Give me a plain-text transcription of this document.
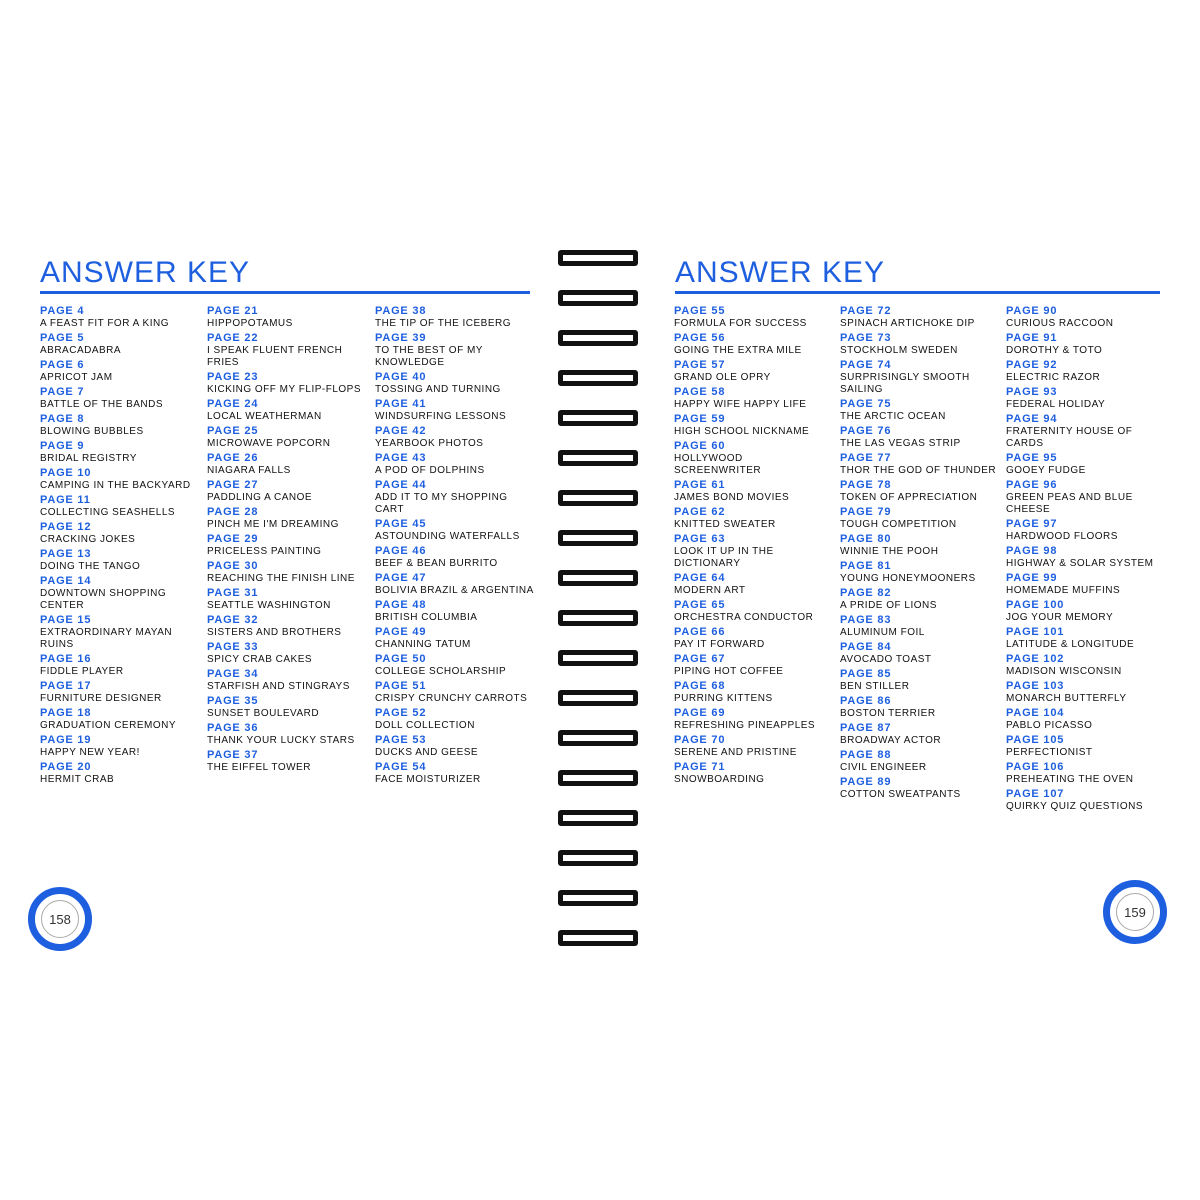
ANSWER KEY
PAGE 4
A FEAST FIT FOR A KING
PAGE 5
ABRACADABRA
PAGE 6
APRICOT JAM
PAGE 7
BATTLE OF THE BANDS
PAGE 8
BLOWING BUBBLES
PAGE 9
BRIDAL REGISTRY
PAGE 10
CAMPING IN THE BACKYARD
PAGE 11
COLLECTING SEASHELLS
PAGE 12
CRACKING JOKES
PAGE 13
DOING THE TANGO
PAGE 14
DOWNTOWN SHOPPING CENTER
PAGE 15
EXTRAORDINARY MAYAN RUINS
PAGE 16
FIDDLE PLAYER
PAGE 17
FURNITURE DESIGNER
PAGE 18
GRADUATION CEREMONY
PAGE 19
HAPPY NEW YEAR!
PAGE 20
HERMIT CRAB
PAGE 21
HIPPOPOTAMUS
PAGE 22
I SPEAK FLUENT FRENCH FRIES
PAGE 23
KICKING OFF MY FLIP-FLOPS
PAGE 24
LOCAL WEATHERMAN
PAGE 25
MICROWAVE POPCORN
PAGE 26
NIAGARA FALLS
PAGE 27
PADDLING A CANOE
PAGE 28
PINCH ME I'M DREAMING
PAGE 29
PRICELESS PAINTING
PAGE 30
REACHING THE FINISH LINE
PAGE 31
SEATTLE WASHINGTON
PAGE 32
SISTERS AND BROTHERS
PAGE 33
SPICY CRAB CAKES
PAGE 34
STARFISH AND STINGRAYS
PAGE 35
SUNSET BOULEVARD
PAGE 36
THANK YOUR LUCKY STARS
PAGE 37
THE EIFFEL TOWER
PAGE 38
THE TIP OF THE ICEBERG
PAGE 39
TO THE BEST OF MY KNOWLEDGE
PAGE 40
TOSSING AND TURNING
PAGE 41
WINDSURFING LESSONS
PAGE 42
YEARBOOK PHOTOS
PAGE 43
A POD OF DOLPHINS
PAGE 44
ADD IT TO MY SHOPPING CART
PAGE 45
ASTOUNDING WATERFALLS
PAGE 46
BEEF & BEAN BURRITO
PAGE 47
BOLIVIA BRAZIL & ARGENTINA
PAGE 48
BRITISH COLUMBIA
PAGE 49
CHANNING TATUM
PAGE 50
COLLEGE SCHOLARSHIP
PAGE 51
CRISPY CRUNCHY CARROTS
PAGE 52
DOLL COLLECTION
PAGE 53
DUCKS AND GEESE
PAGE 54
FACE MOISTURIZER
158
ANSWER KEY
PAGE 55
FORMULA FOR SUCCESS
PAGE 56
GOING THE EXTRA MILE
PAGE 57
GRAND OLE OPRY
PAGE 58
HAPPY WIFE HAPPY LIFE
PAGE 59
HIGH SCHOOL NICKNAME
PAGE 60
HOLLYWOOD SCREENWRITER
PAGE 61
JAMES BOND MOVIES
PAGE 62
KNITTED SWEATER
PAGE 63
LOOK IT UP IN THE DICTIONARY
PAGE 64
MODERN ART
PAGE 65
ORCHESTRA CONDUCTOR
PAGE 66
PAY IT FORWARD
PAGE 67
PIPING HOT COFFEE
PAGE 68
PURRING KITTENS
PAGE 69
REFRESHING PINEAPPLES
PAGE 70
SERENE AND PRISTINE
PAGE 71
SNOWBOARDING
PAGE 72
SPINACH ARTICHOKE DIP
PAGE 73
STOCKHOLM SWEDEN
PAGE 74
SURPRISINGLY SMOOTH SAILING
PAGE 75
THE ARCTIC OCEAN
PAGE 76
THE LAS VEGAS STRIP
PAGE 77
THOR THE GOD OF THUNDER
PAGE 78
TOKEN OF APPRECIATION
PAGE 79
TOUGH COMPETITION
PAGE 80
WINNIE THE POOH
PAGE 81
YOUNG HONEYMOONERS
PAGE 82
A PRIDE OF LIONS
PAGE 83
ALUMINUM FOIL
PAGE 84
AVOCADO TOAST
PAGE 85
BEN STILLER
PAGE 86
BOSTON TERRIER
PAGE 87
BROADWAY ACTOR
PAGE 88
CIVIL ENGINEER
PAGE 89
COTTON SWEATPANTS
PAGE 90
CURIOUS RACCOON
PAGE 91
DOROTHY & TOTO
PAGE 92
ELECTRIC RAZOR
PAGE 93
FEDERAL HOLIDAY
PAGE 94
FRATERNITY HOUSE OF CARDS
PAGE 95
GOOEY FUDGE
PAGE 96
GREEN PEAS AND BLUE CHEESE
PAGE 97
HARDWOOD FLOORS
PAGE 98
HIGHWAY & SOLAR SYSTEM
PAGE 99
HOMEMADE MUFFINS
PAGE 100
JOG YOUR MEMORY
PAGE 101
LATITUDE & LONGITUDE
PAGE 102
MADISON WISCONSIN
PAGE 103
MONARCH BUTTERFLY
PAGE 104
PABLO PICASSO
PAGE 105
PERFECTIONIST
PAGE 106
PREHEATING THE OVEN
PAGE 107
QUIRKY QUIZ QUESTIONS
159
